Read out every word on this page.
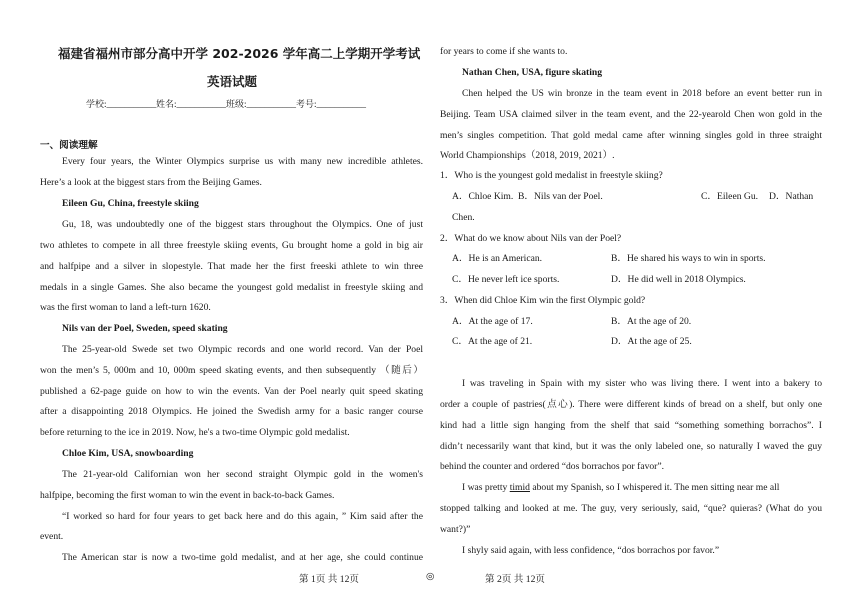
福建省福州市部分高中开学 202-2026 学年高二上学期开学考试
英语试题
学校:___________姓名:___________班级:___________考号:___________
一、阅读理解
Every four years, the Winter Olympics surprise us with many new incredible athletes.
Here’s a look at the biggest stars from the Beijing Games.
Eileen Gu, China, freestyle skiing
Gu, 18, was undoubtedly one of the biggest stars throughout the Olympics. One of just
two athletes to compete in all three freestyle skiing events, Gu brought home a gold in big air
and halfpipe and a silver in slopestyle. That made her the first freeski athlete to win three
medals in a single Games. She also became the youngest gold medalist in freestyle skiing and
was the first woman to land a left-turn 1620.
Nils van der Poel, Sweden, speed skating
The 25-year-old Swede set two Olympic records and one world record. Van der Poel
won the men’s 5, 000m and 10, 000m speed skating events, and then subsequently （随后）
published a 62-page guide on how to win the events. Van der Poel nearly quit speed skating
after a disappointing 2018 Olympics. He joined the Swedish army for a basic ranger course
before returning to the ice in 2019. Now, he's a two-time Olympic gold medalist.
Chloe Kim, USA, snowboarding
The 21-year-old Californian won her second straight Olympic gold in the women's
halfpipe, becoming the first woman to win the event in back-to-back Games.
“I worked so hard for four years to get back here and do this again, ” Kim said after the
event.
The American star is now a two-time gold medalist, and at her age, she could continue
for years to come if she wants to.
Nathan Chen, USA, figure skating
Chen helped the US win bronze in the team event in 2018 before an event better run in
Beijing. Team USA claimed silver in the team event, and the 22-yearold Chen won gold in the
men’s singles competition. That gold medal came after winning singles gold in three straight
World Championships（2018, 2019, 2021）.
1．Who is the youngest gold medalist in freestyle skiing?
A．Chloe Kim. B．Nils van der Poel.	C．Eileen Gu. D．Nathan
Chen.
2．What do we know about Nils van der Poel?
A．He is an American.	B．He shared his ways to win in sports.
C．He never left ice sports.	D．He did well in 2018 Olympics.
3．When did Chloe Kim win the first Olympic gold?
A．At the age of 17.	B．At the age of 20.
C．At the age of 21.	D．At the age of 25.
I was traveling in Spain with my sister who was living there. I went into a bakery to
order a couple of pastries(点心). There were different kinds of bread on a shelf, but only one
kind had a little sign hanging from the shelf that said “something something borrachos”. I
didn’t necessarily want that kind, but it was the only labeled one, so naturally I waved the guy
behind the counter and ordered “dos borrachos por favor”.
I was pretty timid about my Spanish, so I whispered it. The men sitting near me all
stopped talking and looked at me. The guy, very seriously, said, “que? quieras? (What do you
want?)”
I shyly said again, with less confidence, “dos borrachos por favor.”
第 1页 共 12页	◎	第 2页 共 12页
